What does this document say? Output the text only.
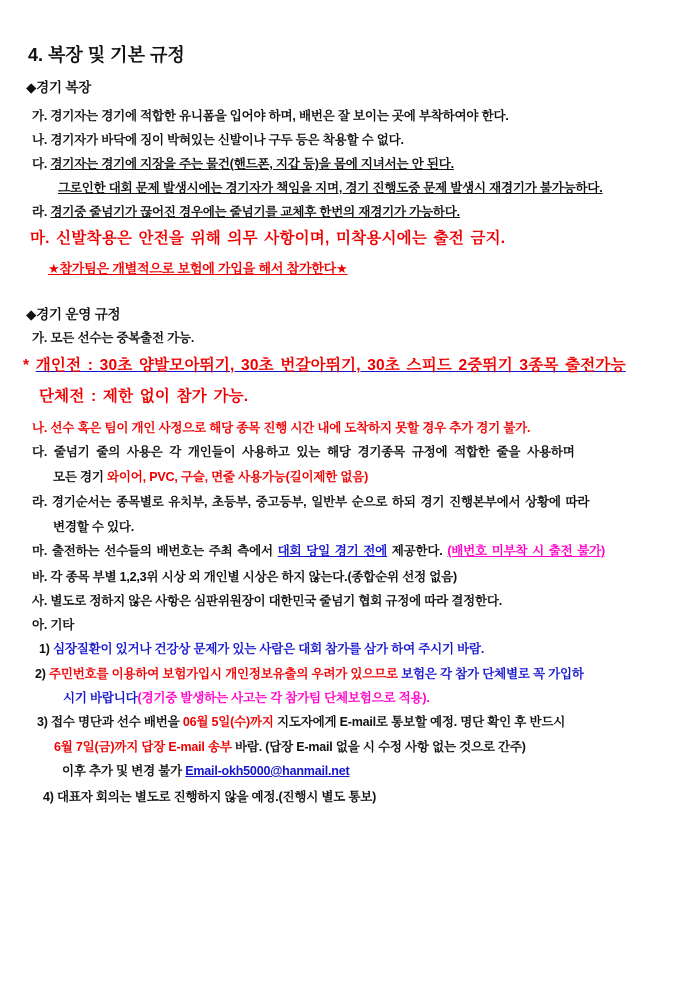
4. 복장 및 기본 규정
◆경기 복장
가. 경기자는 경기에 적합한 유니폼을 입어야 하며, 배번은 잘 보이는 곳에 부착하여야 한다.
나. 경기자가 바닥에 징이 박혀있는 신발이나 구두 등은 착용할 수 없다.
다. 경기자는 경기에 지장을 주는 물건(핸드폰, 지갑 등)을 몸에 지녀서는 안 된다.
그로인한 대회 문제 발생시에는 경기자가 책임을 지며, 경기 진행도중 문제 발생시 재경기가 불가능하다.
라. 경기중 줄넘기가 끊어진 경우에는 줄넘기를 교체후 한번의 재경기가 가능하다.
마. 신발착용은 안전을 위해 의무 사항이며, 미착용시에는 출전 금지.
★참가팀은 개별적으로 보험에 가입을 해서 참가한다★
◆경기 운영 규정
가. 모든 선수는 중복출전 가능.
* 개인전 : 30초 양발모아뛰기, 30초 번갈아뛰기, 30초 스피드 2중뛰기 3종목 출전가능
단체전 : 제한 없이 참가 가능.
나. 선수 혹은 팀이 개인 사정으로 해당 종목 진행 시간 내에 도착하지 못할 경우 추가 경기 불가.
다. 줄넘기 줄의 사용은 각 개인들이 사용하고 있는 해당 경기종목 규정에 적합한 줄을 사용하며
모든 경기 와이어, PVC, 구슬, 면줄 사용가능(길이제한 없음)
라. 경기순서는 종목별로 유치부, 초등부, 중고등부, 일반부 순으로 하되 경기 진행본부에서 상황에 따라
변경할 수 있다.
마. 출전하는 선수들의 배번호는 주최 측에서 대회 당일 경기 전에 제공한다. (배번호 미부착 시 출전 불가)
바. 각 종목 부별 1,2,3위 시상 외 개인별 시상은 하지 않는다.(종합순위 선정 없음)
사. 별도로 정하지 않은 사항은 심판위원장이 대한민국 줄넘기 협회 규정에 따라 결정한다.
아. 기타
1) 심장질환이 있거나 건강상 문제가 있는 사람은 대회 참가를 삼가 하여 주시기 바람.
2) 주민번호를 이용하여 보험가입시 개인정보유출의 우려가 있으므로 보험은 각 참가 단체별로 꼭 가입하
시기 바랍니다(경기중 발생하는 사고는 각 참가팀 단체보험으로 적용).
3) 접수 명단과 선수 배번을 06월 5일(수)까지 지도자에게 E-mail로 통보할 예정. 명단 확인 후 반드시
6월 7일(금)까지 답장 E-mail 송부 바람. (답장 E-mail 없을 시 수정 사항 없는 것으로 간주)
이후 추가 및 변경 불가 Email-okh5000@hanmail.net
4) 대표자 회의는 별도로 진행하지 않을 예정.(진행시 별도 통보)
